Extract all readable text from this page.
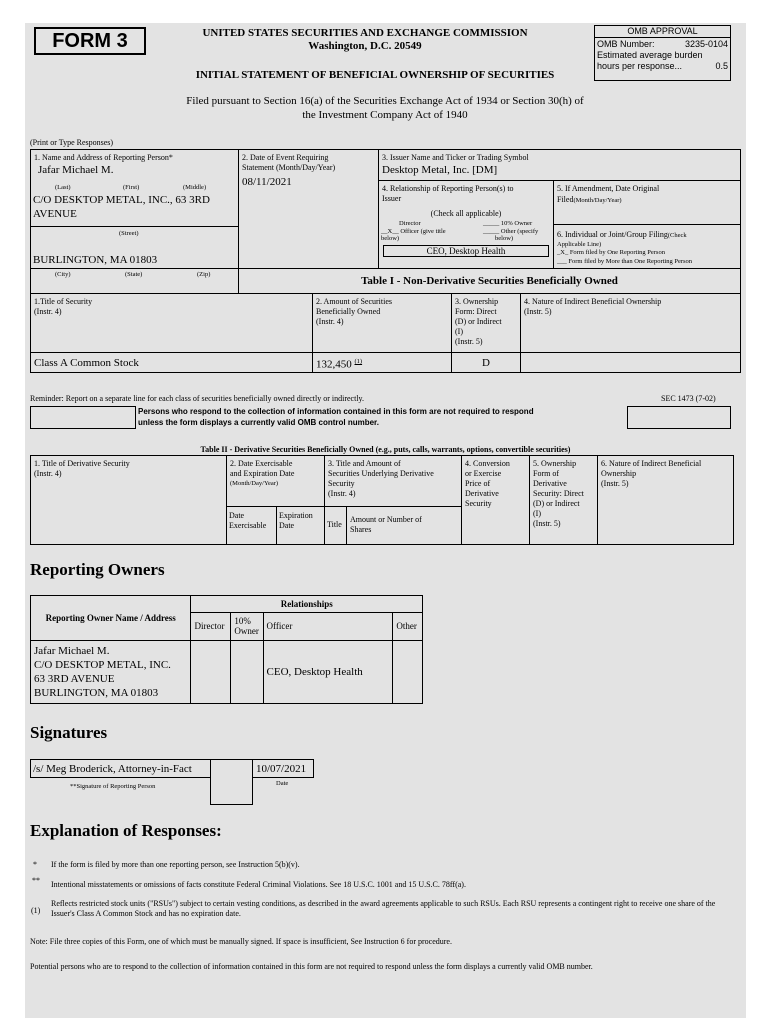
FORM 3	UNITED STATES SECURITIES AND EXCHANGE COMMISSION
Washington, D.C. 20549
INITIAL STATEMENT OF BENEFICIAL OWNERSHIP OF SECURITIES
OMB APPROVAL
OMB Number:	3235-0104
Estimated average burden
hours per response...	0.5
Filed pursuant to Section 16(a) of the Securities Exchange Act of 1934 or Section 30(h) of
the Investment Company Act of 1940
(Print or Type Responses)
1. Name and Address of Reporting Person*
Jafar Michael M.
(Last)	(First)	(Middle)
C/O DESKTOP METAL, INC., 63 3RD
AVENUE
(Street)
BURLINGTON, MA 01803
(City)	(State)	(Zip)
2. Date of Event Requiring
Statement (Month/Day/Year)
08/11/2021
3. Issuer Name and Ticker or Trading Symbol
Desktop Metal, Inc. [DM]
4. Relationship of Reporting Person(s) to
Issuer
(Check all applicable)
Director	_____ 10% Owner
__X__ Officer (give title
below)
_____ Other (specify
below)
CEO, Desktop Health
5. If Amendment, Date Original
Filed(Month/Day/Year)
6. Individual or Joint/Group Filing(Check
Applicable Line)
_X_ Form filed by One Reporting Person
___ Form filed by More than One Reporting Person
Table I - Non-Derivative Securities Beneficially Owned
1.Title of Security
(Instr. 4)
2. Amount of Securities
Beneficially Owned
(Instr. 4)
3. Ownership
Form: Direct
(D) or Indirect
(I)
(Instr. 5)
4. Nature of Indirect Beneficial Ownership
(Instr. 5)
Class A Common Stock	132,450 $^{(1)}$	D
Reminder: Report on a separate line for each class of securities beneficially owned directly or indirectly.	SEC 1473 (7-02)
Persons who respond to the collection of information contained in this form are not required to respond
unless the form displays a currently valid OMB control number.
Table II - Derivative Securities Beneficially Owned (e.g., puts, calls, warrants, options, convertible securities)
1. Title of Derivative Security
(Instr. 4)
2. Date Exercisable
and Expiration Date
(Month/Day/Year)
Date
Exercisable
Expiration
Date
3. Title and Amount of
Securities Underlying Derivative
Security
(Instr. 4)
Title
Amount or Number of
Shares
4. Conversion
or Exercise
Price of
Derivative
Security
5. Ownership
Form of
Derivative
Security: Direct
(D) or Indirect
(I)
(Instr. 5)
6. Nature of Indirect Beneficial
Ownership
(Instr. 5)
Reporting Owners
Reporting Owner Name / Address	Relationships			
	Director	10%
Owner	Officer	Other

Jafar Michael M.
C/O DESKTOP METAL, INC.
63 3RD AVENUE
BURLINGTON, MA 01803			CEO, Desktop Health	
Signatures
/s/ Meg Broderick, Attorney-in-Fact	10/07/2021
**Signature of Reporting Person	Date
Explanation of Responses:
* If the form is filed by more than one reporting person, see Instruction 5(b)(v).
** Intentional misstatements or omissions of facts constitute Federal Criminal Violations. See 18 U.S.C. 1001 and 15 U.S.C. 78ff(a).
(1)
Reflects restricted stock units ("RSUs") subject to certain vesting conditions, as described in the award agreements applicable to such RSUs. Each RSU represents a contingent right to receive one share of the Issuer's Class A Common Stock and has no expiration date.
Note: File three copies of this Form, one of which must be manually signed. If space is insufficient, See Instruction 6 for procedure.
Potential persons who are to respond to the collection of information contained in this form are not required to respond unless the form displays a currently valid OMB number.
